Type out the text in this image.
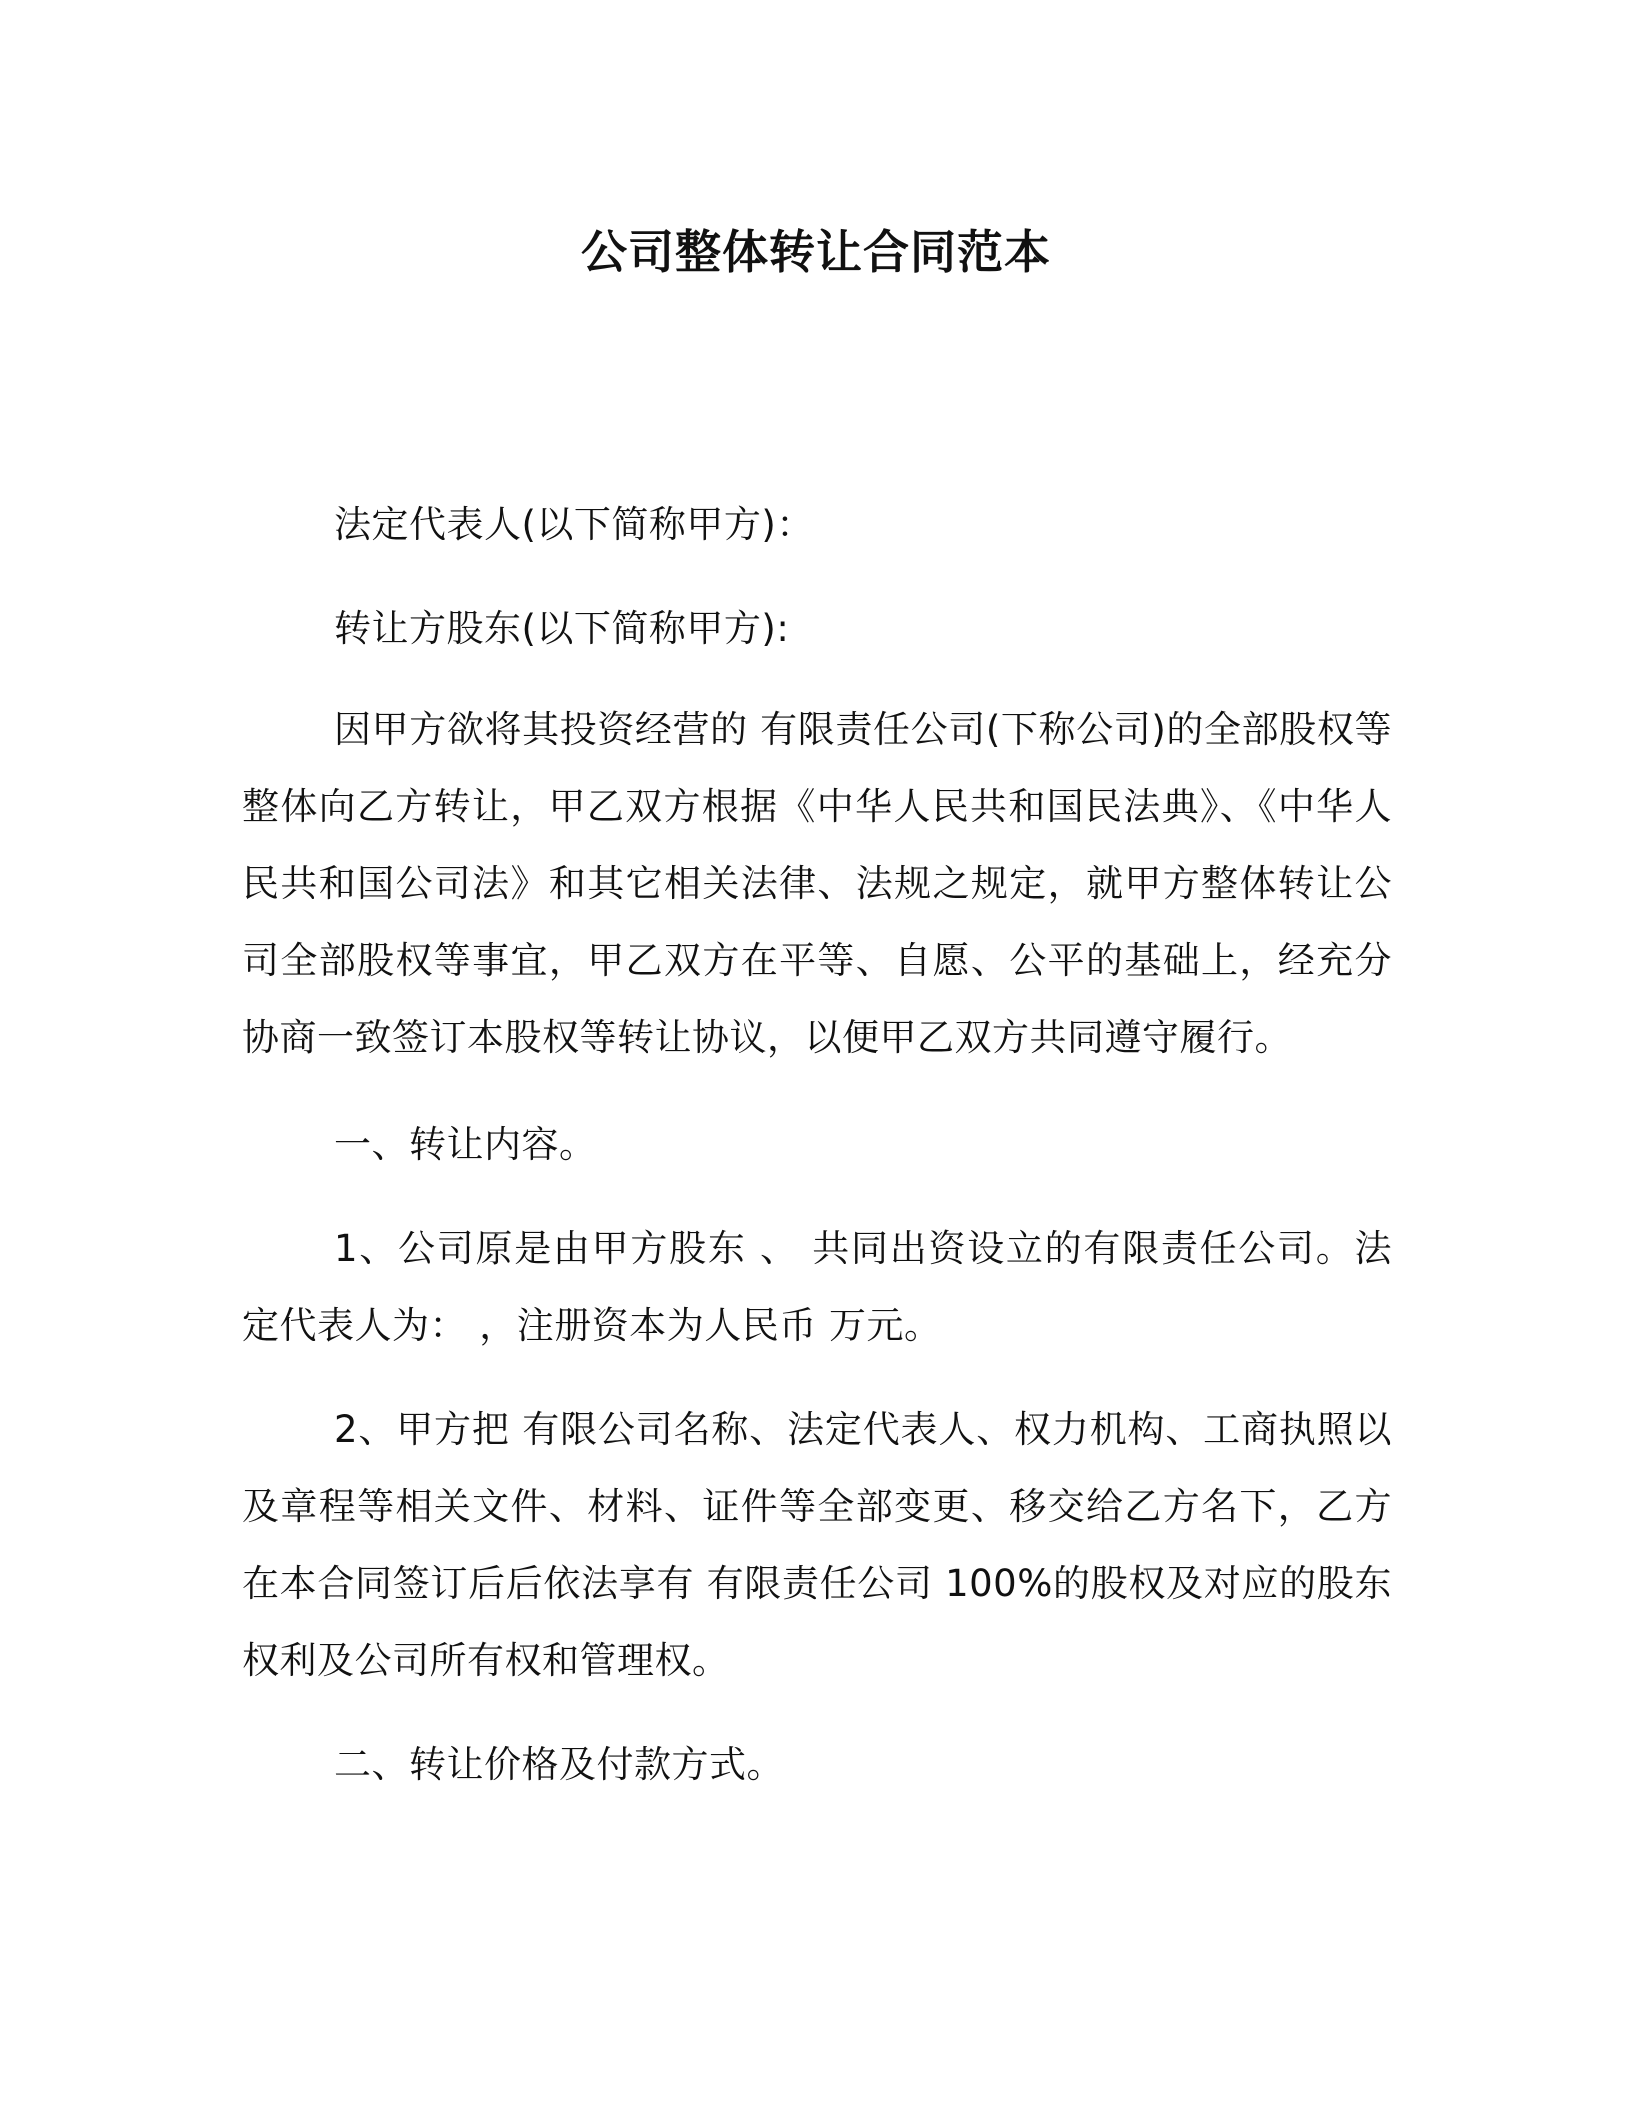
公司整体转让合同范本

法定代表人(以下简称甲方)：

转让方股东(以下简称甲方):

因甲方欲将其投资经营的 有限责任公司(下称公司)的全部股权等整体向乙方转让，甲乙双方根据《中华人民共和国民法典》、《中华人民共和国公司法》和其它相关法律、法规之规定，就甲方整体转让公司全部股权等事宜，甲乙双方在平等、自愿、公平的基础上，经充分协商一致签订本股权等转让协议，以便甲乙双方共同遵守履行。

一、转让内容。

1、公司原是由甲方股东 、 共同出资设立的有限责任公司。法定代表人为： ，注册资本为人民币 万元。

2、甲方把 有限公司名称、法定代表人、权力机构、工商执照以及章程等相关文件、材料、证件等全部变更、移交给乙方名下，乙方在本合同签订后后依法享有 有限责任公司 100%的股权及对应的股东权利及公司所有权和管理权。

二、转让价格及付款方式。
